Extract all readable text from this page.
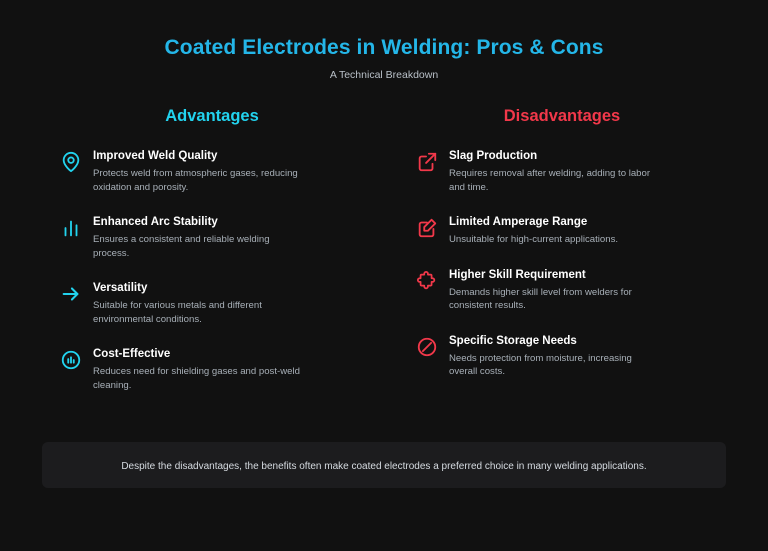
Coated Electrodes in Welding: Pros & Cons
A Technical Breakdown
Advantages
Improved Weld Quality
Protects weld from atmospheric gases, reducing oxidation and porosity.
Enhanced Arc Stability
Ensures a consistent and reliable welding process.
Versatility
Suitable for various metals and different environmental conditions.
Cost-Effective
Reduces need for shielding gases and post-weld cleaning.
Disadvantages
Slag Production
Requires removal after welding, adding to labor and time.
Limited Amperage Range
Unsuitable for high-current applications.
Higher Skill Requirement
Demands higher skill level from welders for consistent results.
Specific Storage Needs
Needs protection from moisture, increasing overall costs.
Despite the disadvantages, the benefits often make coated electrodes a preferred choice in many welding applications.
